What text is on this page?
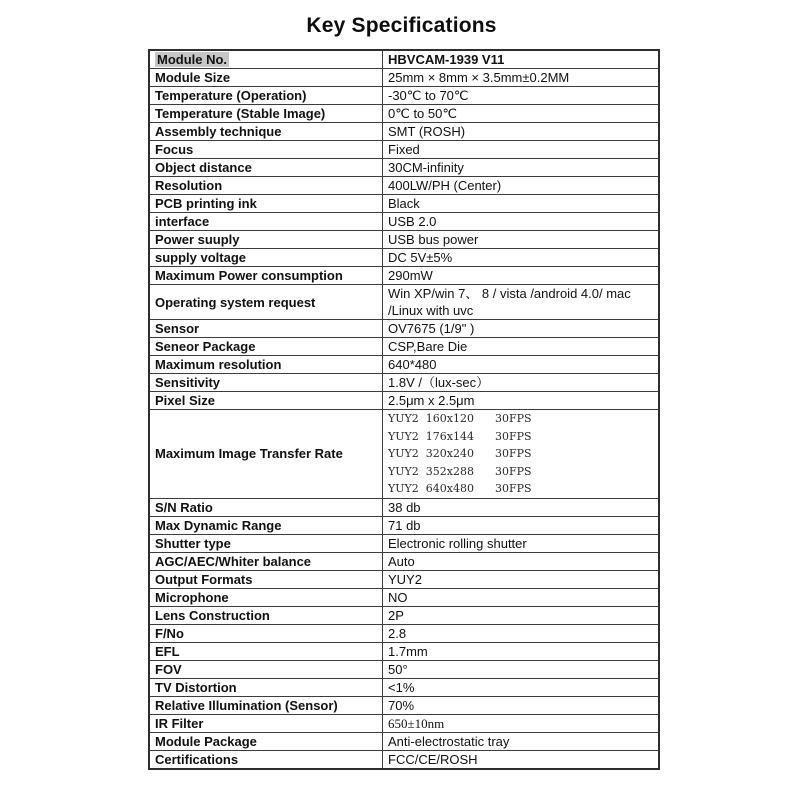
Key Specifications
Module No.	HBVCAM-1939 V11
Module Size	25mm × 8mm × 3.5mm±0.2MM
Temperature (Operation)	-30℃ to 70℃
Temperature (Stable Image)	0℃ to 50℃
Assembly technique	SMT (ROSH)
Focus	Fixed
Object distance	30CM-infinity
Resolution	400LW/PH (Center)
PCB printing ink	Black
interface	USB 2.0
Power suuply	USB bus power
supply voltage	DC 5V±5%
Maximum Power consumption	290mW
Operating system request	Win XP/win 7、 8 / vista /android 4.0/ mac /Linux with uvc
Sensor	OV7675 (1/9" )
Seneor Package	CSP,Bare Die
Maximum resolution	640*480
Sensitivity	1.8V /（lux-sec）
Pixel Size	2.5μm x 2.5μm
Maximum Image Transfer Rate	YUY2  160x120      30FPS
YUY2  176x144      30FPS
YUY2  320x240      30FPS
YUY2  352x288      30FPS
YUY2  640x480      30FPS

S/N Ratio	38 db
Max Dynamic Range	71 db
Shutter type	Electronic rolling shutter
AGC/AEC/Whiter balance	Auto
Output Formats	YUY2
Microphone	NO
Lens Construction	2P
F/No	2.8
EFL	1.7mm
FOV	50°
TV Distortion	<1%
Relative Illumination (Sensor)	70%
IR Filter	650±10nm
Module Package	Anti-electrostatic tray
Certifications	FCC/CE/ROSH
